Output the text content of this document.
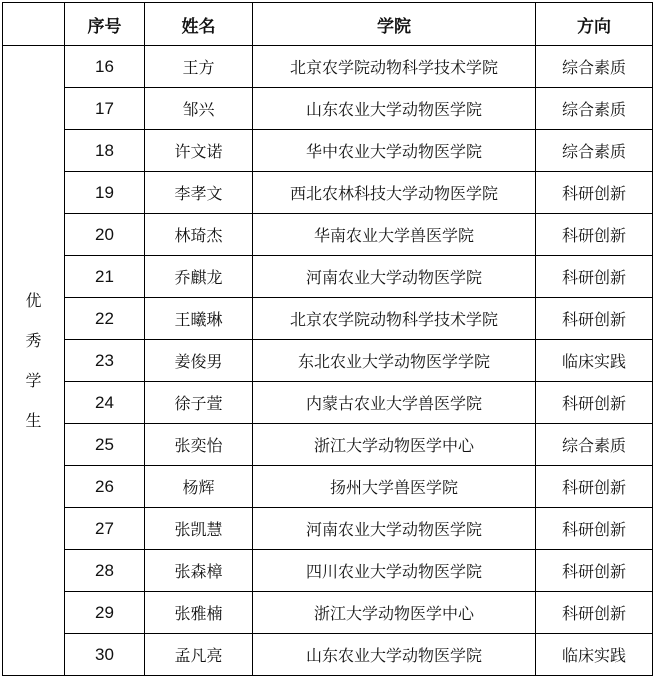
	序号	姓名	学院	方向

优
秀
学
生	16	王方	北京农学院动物科学技术学院	综合素质
	17	邹兴	山东农业大学动物医学院	综合素质
	18	许文诺	华中农业大学动物医学院	综合素质
	19	李孝文	西北农林科技大学动物医学院	科研创新
	20	林琦杰	华南农业大学兽医学院	科研创新
	21	乔麒龙	河南农业大学动物医学院	科研创新
	22	王曦琳	北京农学院动物科学技术学院	科研创新
	23	姜俊男	东北农业大学动物医学学院	临床实践
	24	徐子萱	内蒙古农业大学兽医学院	科研创新
	25	张奕怡	浙江大学动物医学中心	综合素质
	26	杨辉	扬州大学兽医学院	科研创新
	27	张凯慧	河南农业大学动物医学院	科研创新
	28	张森樟	四川农业大学动物医学院	科研创新
	29	张雅楠	浙江大学动物医学中心	科研创新
	30	孟凡亮	山东农业大学动物医学院	临床实践
